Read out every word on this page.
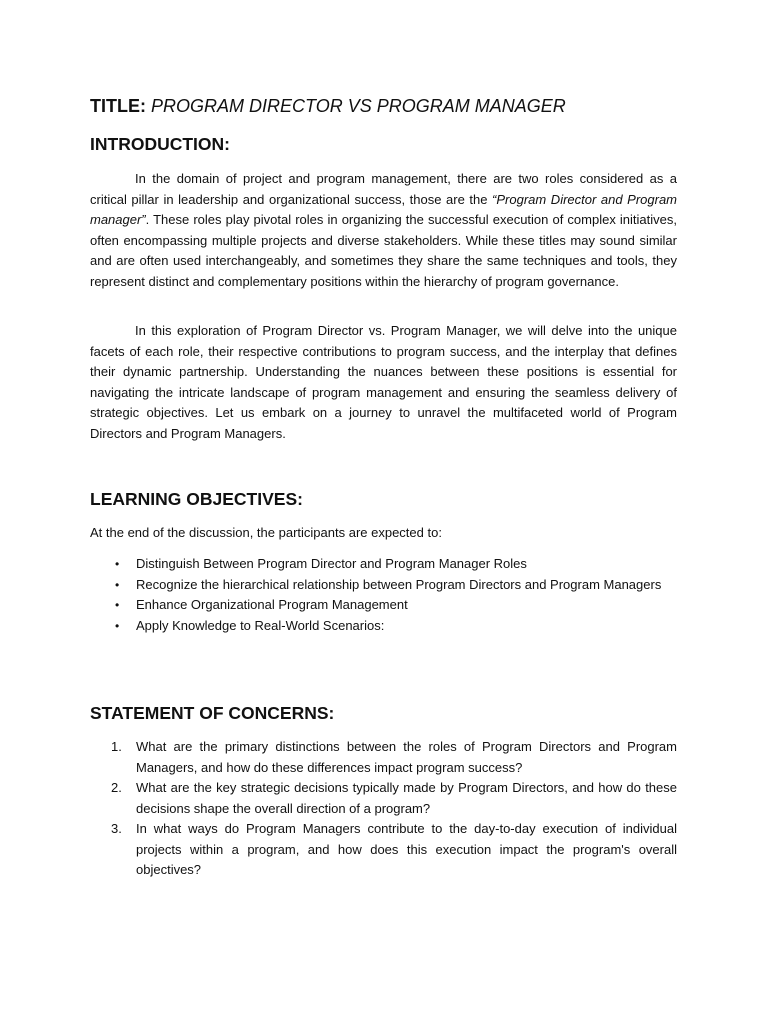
TITLE: PROGRAM DIRECTOR VS PROGRAM MANAGER
INTRODUCTION:

In the domain of project and program management, there are two roles considered as a critical pillar in leadership and organizational success, those are the “Program Director and Program manager”. These roles play pivotal roles in organizing the successful execution of complex initiatives, often encompassing multiple projects and diverse stakeholders. While these titles may sound similar and are often used interchangeably, and sometimes they share the same techniques and tools, they represent distinct and complementary positions within the hierarchy of program governance.

In this exploration of Program Director vs. Program Manager, we will delve into the unique facets of each role, their respective contributions to program success, and the interplay that defines their dynamic partnership. Understanding the nuances between these positions is essential for navigating the intricate landscape of program management and ensuring the seamless delivery of strategic objectives. Let us embark on a journey to unravel the multifaceted world of Program Directors and Program Managers.

LEARNING OBJECTIVES:
At the end of the discussion, the participants are expected to:
• Distinguish Between Program Director and Program Manager Roles
• Recognize the hierarchical relationship between Program Directors and Program Managers
• Enhance Organizational Program Management
• Apply Knowledge to Real-World Scenarios:
STATEMENT OF CONCERNS:
1. What are the primary distinctions between the roles of Program Directors and Program Managers, and how do these differences impact program success?
2. What are the key strategic decisions typically made by Program Directors, and how do these decisions shape the overall direction of a program?
3. In what ways do Program Managers contribute to the day-to-day execution of individual projects within a program, and how does this execution impact the program's overall objectives?
